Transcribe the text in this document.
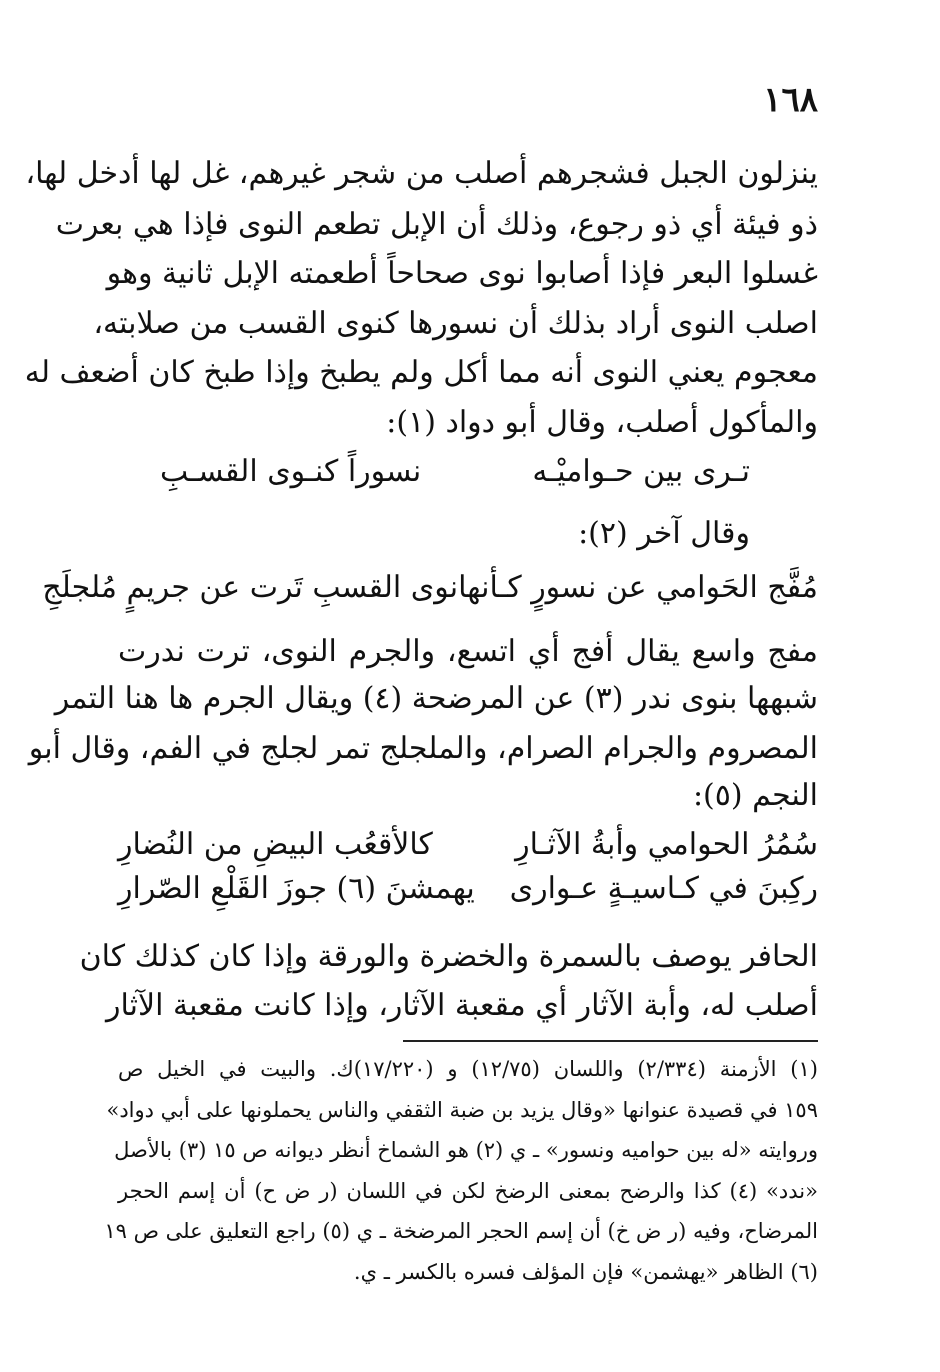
١٦٨
ينزلون الجبل فشجرهم أصلب من شجر غيرهم، غل لها أدخل لها،
ذو فيئة أي ذو رجوع، وذلك أن الإبل تطعم النوى فإذا هي بعرت
غسلوا البعر فإذا أصابوا نوى صحاحاً أطعمته الإبل ثانية وهو
اصلب النوى أراد بذلك أن نسورها كنوى القسب من صلابته،
معجوم يعني النوى أنه مما أكل ولم يطبخ وإذا طبخ كان أضعف له
والمأكول أصلب، وقال أبو دواد (١):
تـرى بين حـواميْـه
نسوراً كنـوى القسـبِ
وقال آخر (٢):
مُفَّج الحَوامي عن نسورٍ كـأنها
نوى القسبِ تَرت عن جريمٍ مُلجلَجِ
مفج واسع يقال أفج أي اتسع، والجرم النوى، ترت ندرت
شبهها بنوى ندر (٣) عن المرضحة (٤) ويقال الجرم ها هنا التمر
المصروم والجرام الصرام، والملجلج تمر لجلج في الفم، وقال أبو
النجم (٥):
سُمُرُ الحوامي وأبةُ الآثـارِ
كالأقعُب البيضِ من النُضارِ
ركِبنَ في كـاسيـةٍ عـوارى
يهمشنَ (٦) جوزَ القَلْعِ الصّرارِ
الحافر يوصف بالسمرة والخضرة والورقة وإذا كان كذلك كان
أصلب له، وأبة الآثار أي مقعبة الآثار، وإذا كانت مقعبة الآثار
(١) الأزمنة (٢/٣٣٤) واللسان (١٢/٧٥) و (١٧/٢٢٠)ك. والبيت في الخيل ص
١٥٩ في قصيدة عنوانها «وقال يزيد بن ضبة الثقفي والناس يحملونها على أبي دواد»
وروايته «له بين حواميه ونسور» ـ ي (٢) هو الشماخ أنظر ديوانه ص ١٥ (٣) بالأصل
«ندد» (٤) كذا والرضح بمعنى الرضخ لكن في اللسان (ر ض ح) أن إسم الحجر
المرضاح، وفيه (ر ض خ) أن إسم الحجر المرضخة ـ ي (٥) راجع التعليق على ص ١٩
(٦) الظاهر «يهشمن» فإن المؤلف فسره بالكسر ـ ي.
